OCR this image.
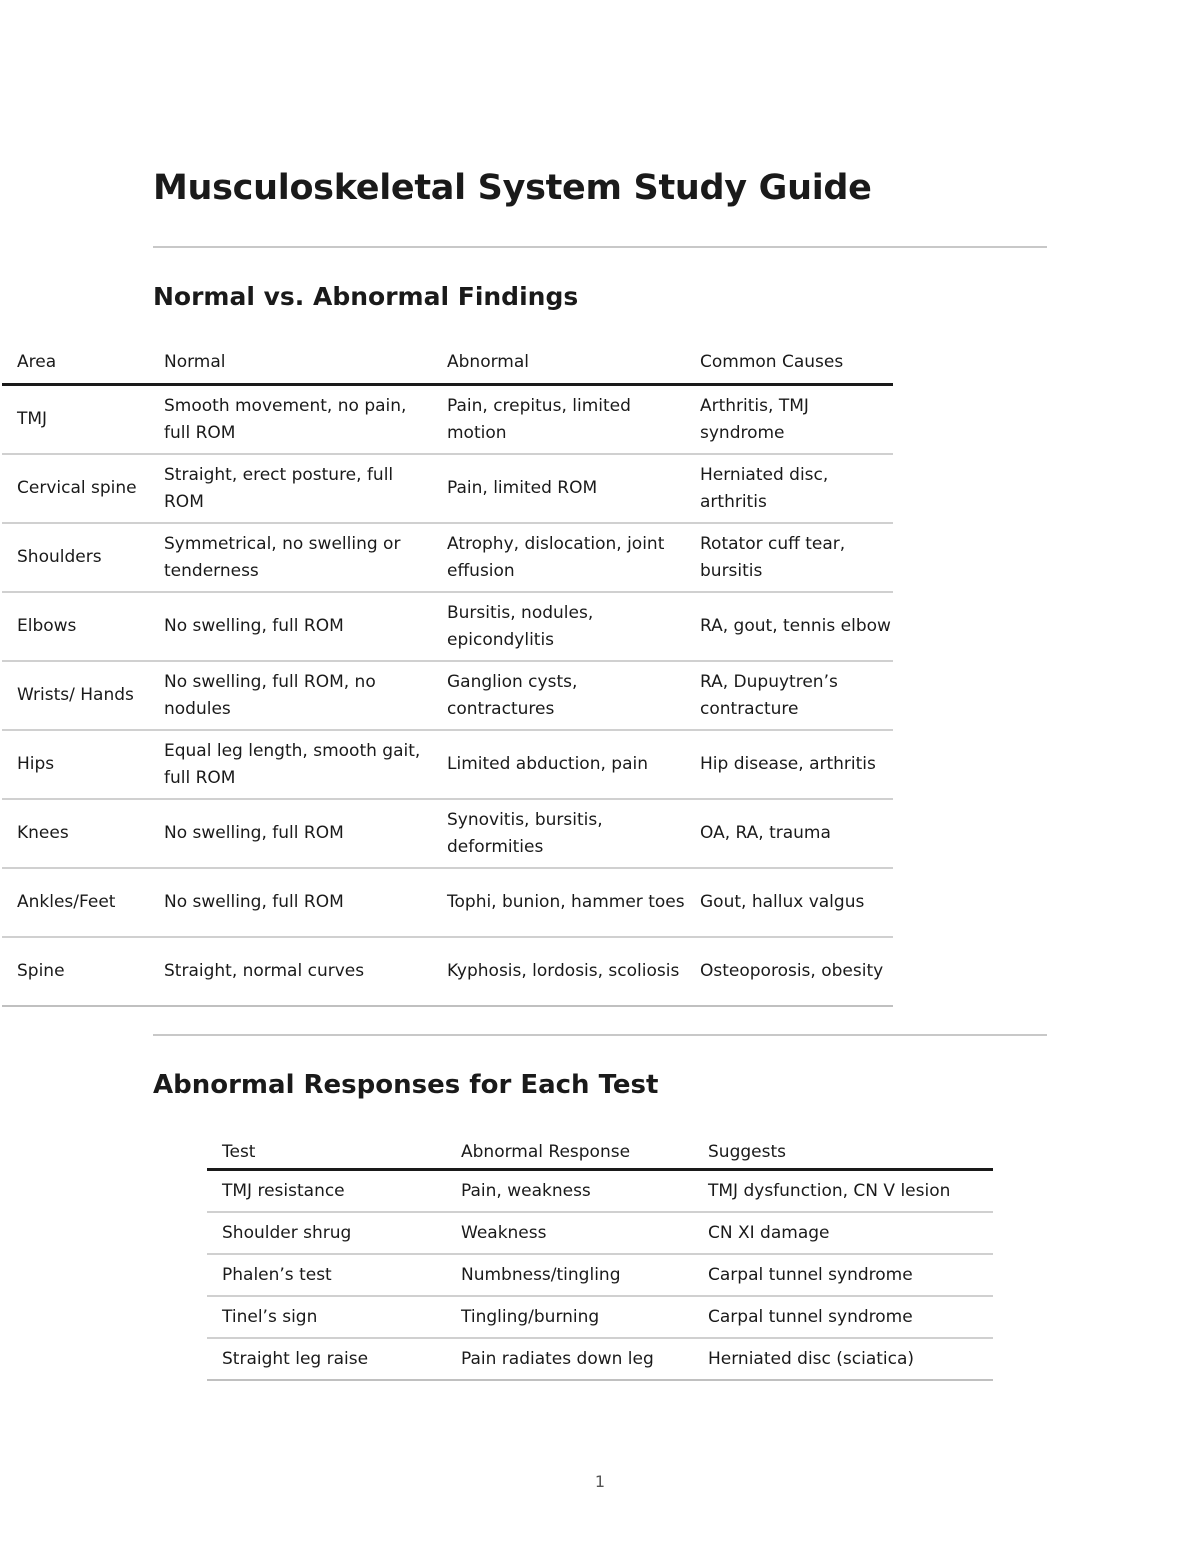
Musculoskeletal System Study Guide
Normal vs. Abnormal Findings
Abnormal Responses for Each Test
Area	Normal	Abnormal	Common Causes
TMJ	Smooth movement, no pain, full ROM	Pain, crepitus, limited motion	Arthritis, TMJ syndrome
Cervical spine	Straight, erect posture, full ROM	Pain, limited ROM	Herniated disc, arthritis
Shoulders	Symmetrical, no swelling or tenderness	Atrophy, dislocation, joint effusion	Rotator cuff tear, bursitis
Elbows	No swelling, full ROM	Bursitis, nodules, epicondylitis	RA, gout, tennis elbow
Wrists/ Hands	No swelling, full ROM, no nodules	Ganglion cysts, contractures	RA, Dupuytren’s contracture
Hips	Equal leg length, smooth gait, full ROM	Limited abduction, pain	Hip disease, arthritis
Knees	No swelling, full ROM	Synovitis, bursitis, deformities	OA, RA, trauma
Ankles/Feet	No swelling, full ROM	Tophi, bunion, hammer toes	Gout, hallux valgus
Spine	Straight, normal curves	Kyphosis, lordosis, scoliosis	Osteoporosis, obesity
Test	Abnormal Response	Suggests
TMJ resistance	Pain, weakness	TMJ dysfunction, CN V lesion
Shoulder shrug	Weakness	CN XI damage
Phalen’s test	Numbness/tingling	Carpal tunnel syndrome
Tinel’s sign	Tingling/burning	Carpal tunnel syndrome
Straight leg raise	Pain radiates down leg	Herniated disc (sciatica)
1
